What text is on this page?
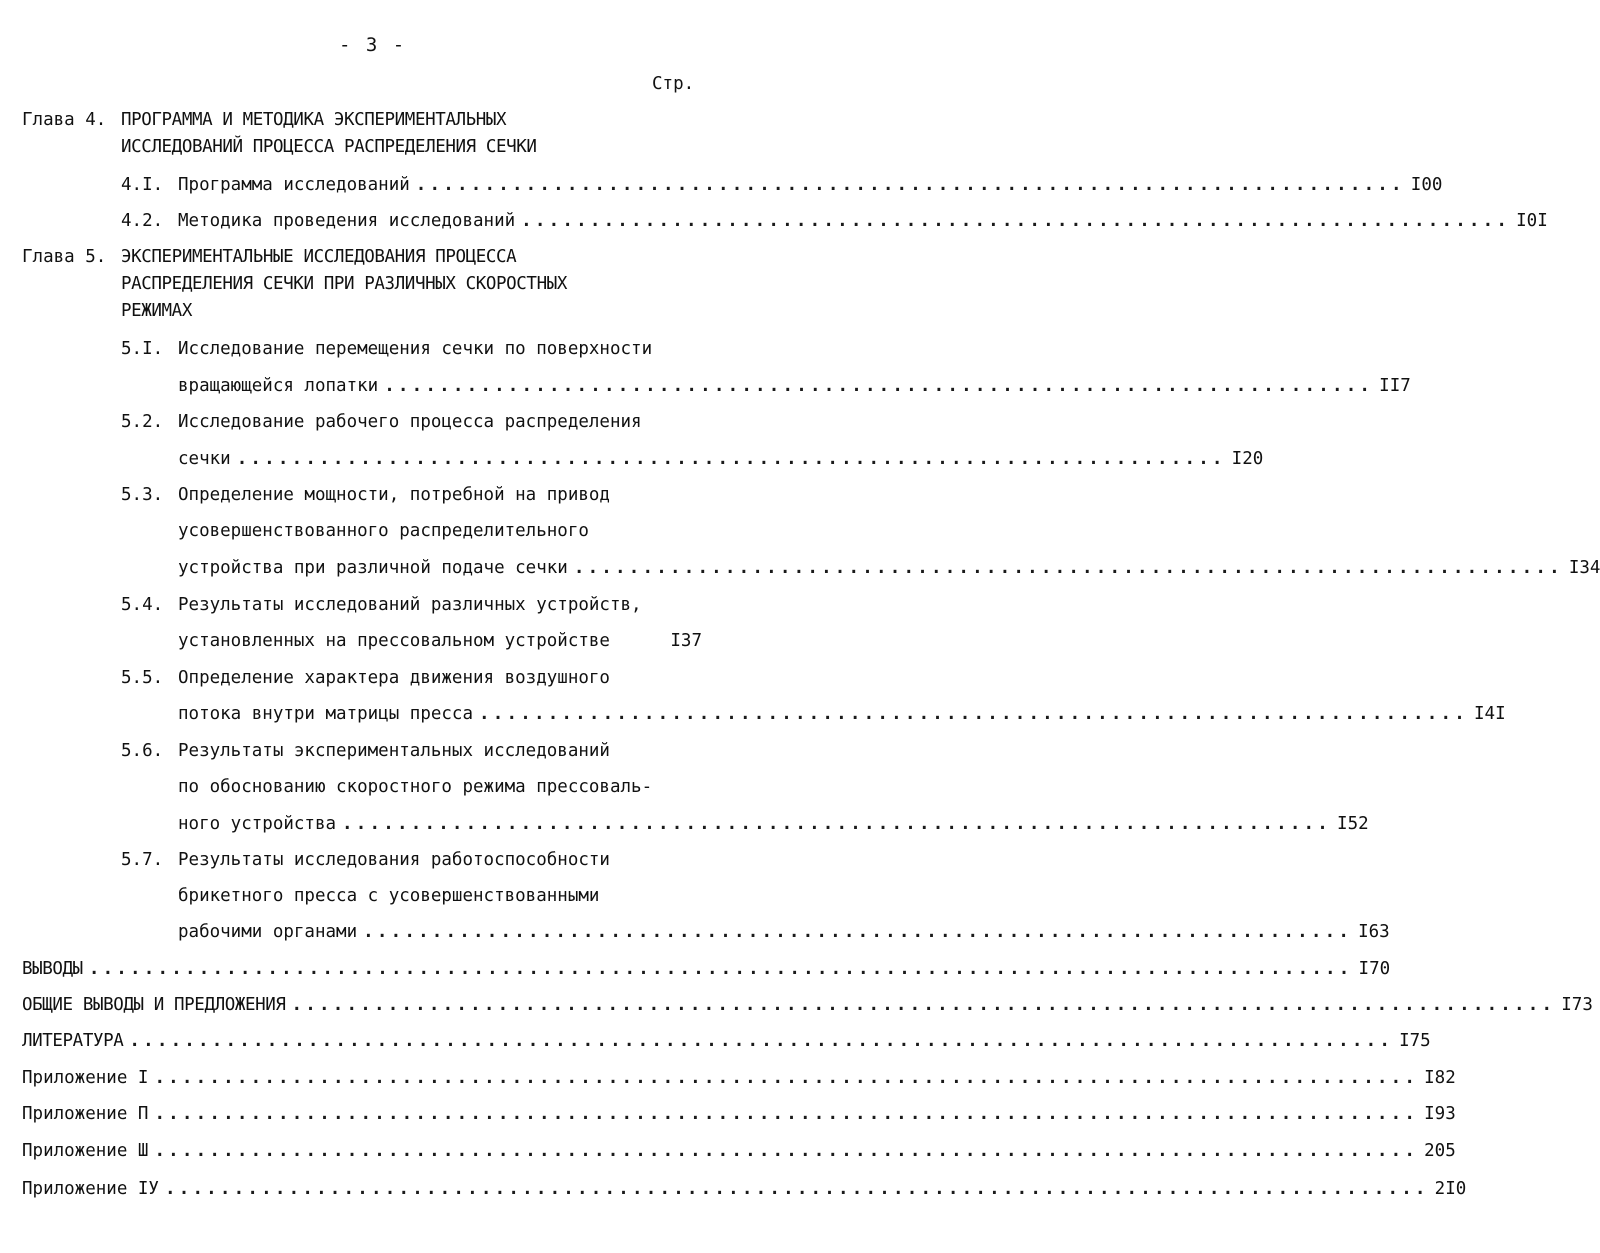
- 3 -
Стр.
Глава 4. ПРОГРАММА И МЕТОДИКА ЭКСПЕРИМЕНТАЛЬНЫХ
ИССЛЕДОВАНИЙ ПРОЦЕССА РАСПРЕДЕЛЕНИЯ СЕЧКИ
4.I. Программа исследований ........................................................................ I00
4.2. Методика проведения исследований ........................................................................ I0I
Глава 5. ЭКСПЕРИМЕНТАЛЬНЫЕ ИССЛЕДОВАНИЯ ПРОЦЕССА
РАСПРЕДЕЛЕНИЯ СЕЧКИ ПРИ РАЗЛИЧНЫХ СКОРОСТНЫХ
РЕЖИМАХ
5.I. Исследование перемещения сечки по поверхности
вращающейся лопатки ........................................................................ II7
5.2. Исследование рабочего процесса распределения
сечки ........................................................................ I20
5.3. Определение мощности, потребной на привод
усовершенствованного распределительного
устройства при различной подаче сечки ........................................................................ I34
5.4. Результаты исследований различных устройств,
установленных на прессовальном устройстве	I37
5.5. Определение характера движения воздушного
потока внутри матрицы пресса ........................................................................ I4I
5.6. Результаты экспериментальных исследований
по обоснованию скоростного режима прессоваль-
ного устройства ........................................................................ I52
5.7. Результаты исследования работоспособности
брикетного пресса с усовершенствованными
рабочими органами ........................................................................ I63
ВЫВОДЫ ............................................................................................ I70
ОБЩИЕ ВЫВОДЫ И ПРЕДЛОЖЕНИЯ ............................................................................................ I73
ЛИТЕРАТУРА ............................................................................................ I75
Приложение I ............................................................................................ I82
Приложение П ............................................................................................ I93
Приложение Ш ............................................................................................ 205
Приложение IУ ............................................................................................ 2I0
